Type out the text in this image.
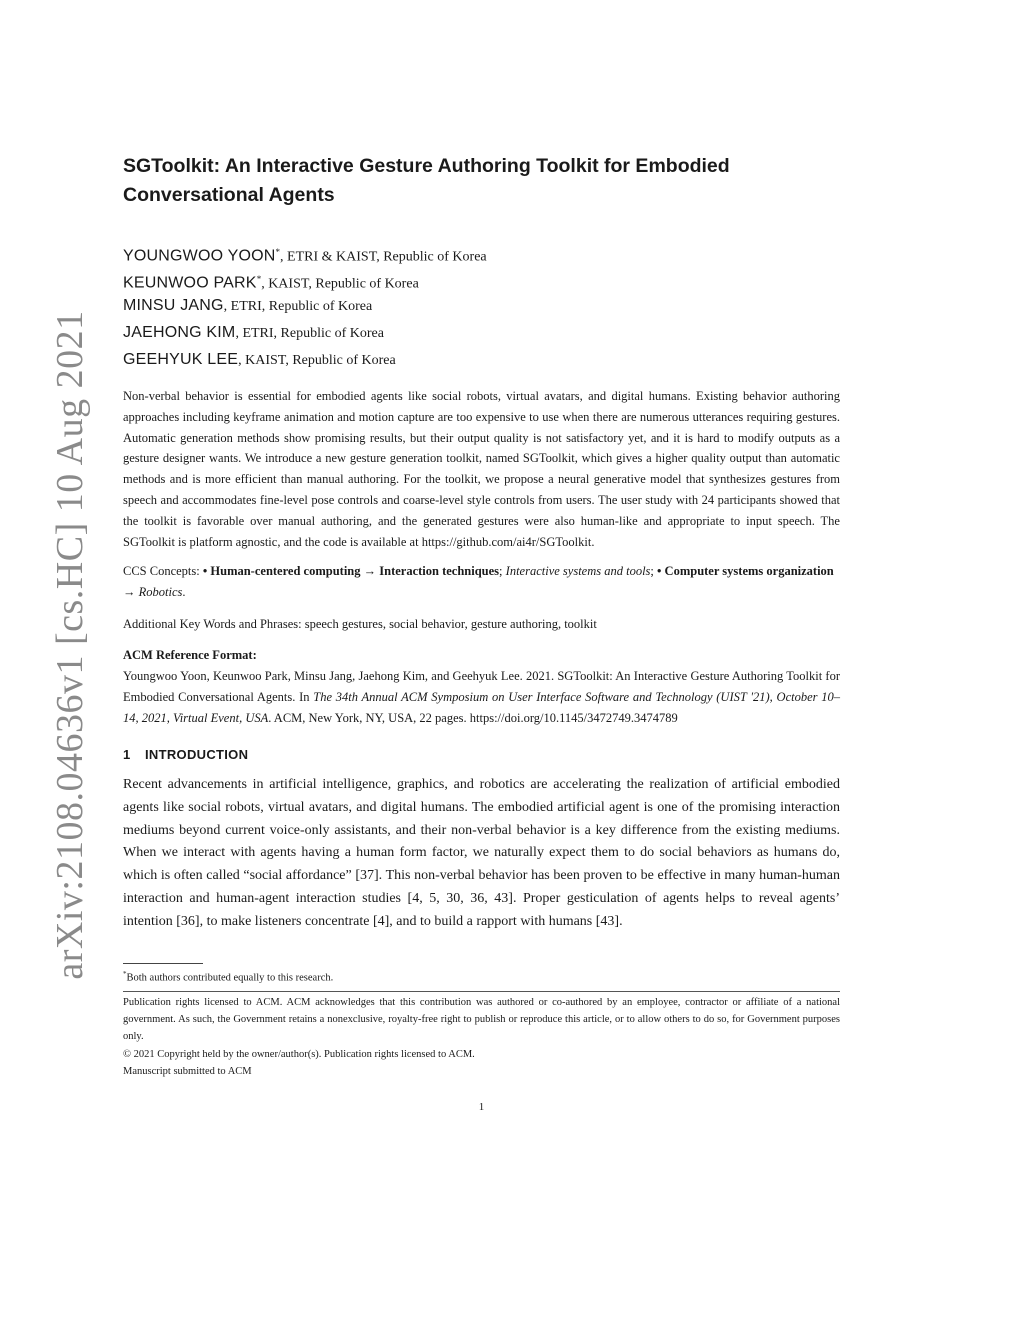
arXiv:2108.04636v1 [cs.HC] 10 Aug 2021
SGToolkit: An Interactive Gesture Authoring Toolkit for Embodied Conversational Agents
YOUNGWOO YOON*, ETRI & KAIST, Republic of Korea
KEUNWOO PARK*, KAIST, Republic of Korea
MINSU JANG, ETRI, Republic of Korea
JAEHONG KIM, ETRI, Republic of Korea
GEEHYUK LEE, KAIST, Republic of Korea

Non-verbal behavior is essential for embodied agents like social robots, virtual avatars, and digital humans. Existing behavior authoring approaches including keyframe animation and motion capture are too expensive to use when there are numerous utterances requiring gestures. Automatic generation methods show promising results, but their output quality is not satisfactory yet, and it is hard to modify outputs as a gesture designer wants. We introduce a new gesture generation toolkit, named SGToolkit, which gives a higher quality output than automatic methods and is more efficient than manual authoring. For the toolkit, we propose a neural generative model that synthesizes gestures from speech and accommodates fine-level pose controls and coarse-level style controls from users. The user study with 24 participants showed that the toolkit is favorable over manual authoring, and the generated gestures were also human-like and appropriate to input speech. The SGToolkit is platform agnostic, and the code is available at https://github.com/ai4r/SGToolkit.

CCS Concepts: • Human-centered computing → Interaction techniques; Interactive systems and tools; • Computer systems organization → Robotics.

Additional Key Words and Phrases: speech gestures, social behavior, gesture authoring, toolkit

ACM Reference Format:

Youngwoo Yoon, Keunwoo Park, Minsu Jang, Jaehong Kim, and Geehyuk Lee. 2021. SGToolkit: An Interactive Gesture Authoring Toolkit for Embodied Conversational Agents. In The 34th Annual ACM Symposium on User Interface Software and Technology (UIST '21), October 10–14, 2021, Virtual Event, USA. ACM, New York, NY, USA, 22 pages. https://doi.org/10.1145/3472749.3474789

1 INTRODUCTION

Recent advancements in artificial intelligence, graphics, and robotics are accelerating the realization of artificial embodied agents like social robots, virtual avatars, and digital humans. The embodied artificial agent is one of the promising interaction mediums beyond current voice-only assistants, and their non-verbal behavior is a key difference from the existing mediums. When we interact with agents having a human form factor, we naturally expect them to do social behaviors as humans do, which is often called “social affordance” [37]. This non-verbal behavior has been proven to be effective in many human-human interaction and human-agent interaction studies [4, 5, 30, 36, 43]. Proper gesticulation of agents helps to reveal agents’ intention [36], to make listeners concentrate [4], and to build a rapport with humans [43].

*Both authors contributed equally to this research.

Publication rights licensed to ACM. ACM acknowledges that this contribution was authored or co-authored by an employee, contractor or affiliate of a national government. As such, the Government retains a nonexclusive, royalty-free right to publish or reproduce this article, or to allow others to do so, for Government purposes only.

© 2021 Copyright held by the owner/author(s). Publication rights licensed to ACM.

Manuscript submitted to ACM

1
